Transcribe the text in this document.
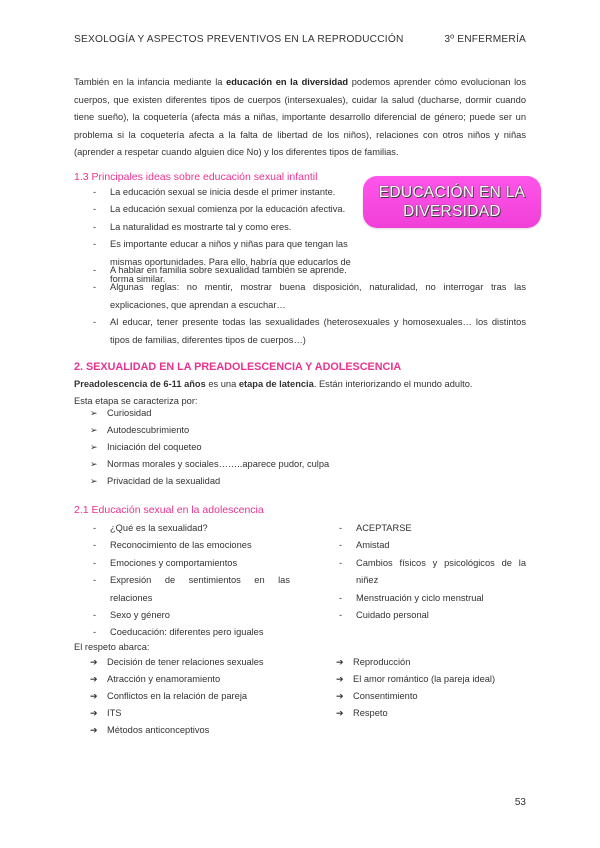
SEXOLOGÍA Y ASPECTOS PREVENTIVOS EN LA REPRODUCCIÓN	3º ENFERMERÍA
También en la infancia mediante la educación en la diversidad podemos aprender cómo evolucionan los cuerpos, que existen diferentes tipos de cuerpos (intersexuales), cuidar la salud (ducharse, dormir cuando tiene sueño), la coquetería (afecta más a niñas, importante desarrollo diferencial de género; puede ser un problema si la coquetería afecta a la falta de libertad de los niños), relaciones con otros niños y niñas (aprender a respetar cuando alguien dice No) y los diferentes tipos de familias.
1.3 Principales ideas sobre educación sexual infantil
- La educación sexual se inicia desde el primer instante.
- La educación sexual comienza por la educación afectiva.
- La naturalidad es mostrarte tal y como eres.
- Es importante educar a niños y niñas para que tengan las mismas oportunidades. Para ello, habría que educarlos de forma similar.
- A hablar en familia sobre sexualidad también se aprende.
- Algunas reglas: no mentir, mostrar buena disposición, naturalidad, no interrogar tras las explicaciones, que aprendan a escuchar…
- Al educar, tener presente todas las sexualidades (heterosexuales y homosexuales… los distintos tipos de familias, diferentes tipos de cuerpos…)
EDUCACIÓN EN LA
DIVERSIDAD
2. SEXUALIDAD EN LA PREADOLESCENCIA Y ADOLESCENCIA
Preadolescencia de 6-11 años es una etapa de latencia. Están interiorizando el mundo adulto.
Esta etapa se caracteriza por:
➢ Curiosidad
➢ Autodescubrimiento
➢ Iniciación del coqueteo
➢ Normas morales y sociales……..aparece pudor, culpa
➢ Privacidad de la sexualidad
2.1 Educación sexual en la adolescencia
- ¿Qué es la sexualidad?
- Reconocimiento de las emociones
- Emociones y comportamientos
- Expresión de sentimientos en las relaciones
- Sexo y género
- Coeducación: diferentes pero iguales
- ACEPTARSE
- Amistad
- Cambios físicos y psicológicos de la niñez
- Menstruación y ciclo menstrual
- Cuidado personal
El respeto abarca:
➔ Decisión de tener relaciones sexuales
➔ Atracción y enamoramiento
➔ Conflictos en la relación de pareja
➔ ITS
➔ Métodos anticonceptivos
➔ Reproducción
➔ El amor romántico (la pareja ideal)
➔ Consentimiento
➔ Respeto
53
